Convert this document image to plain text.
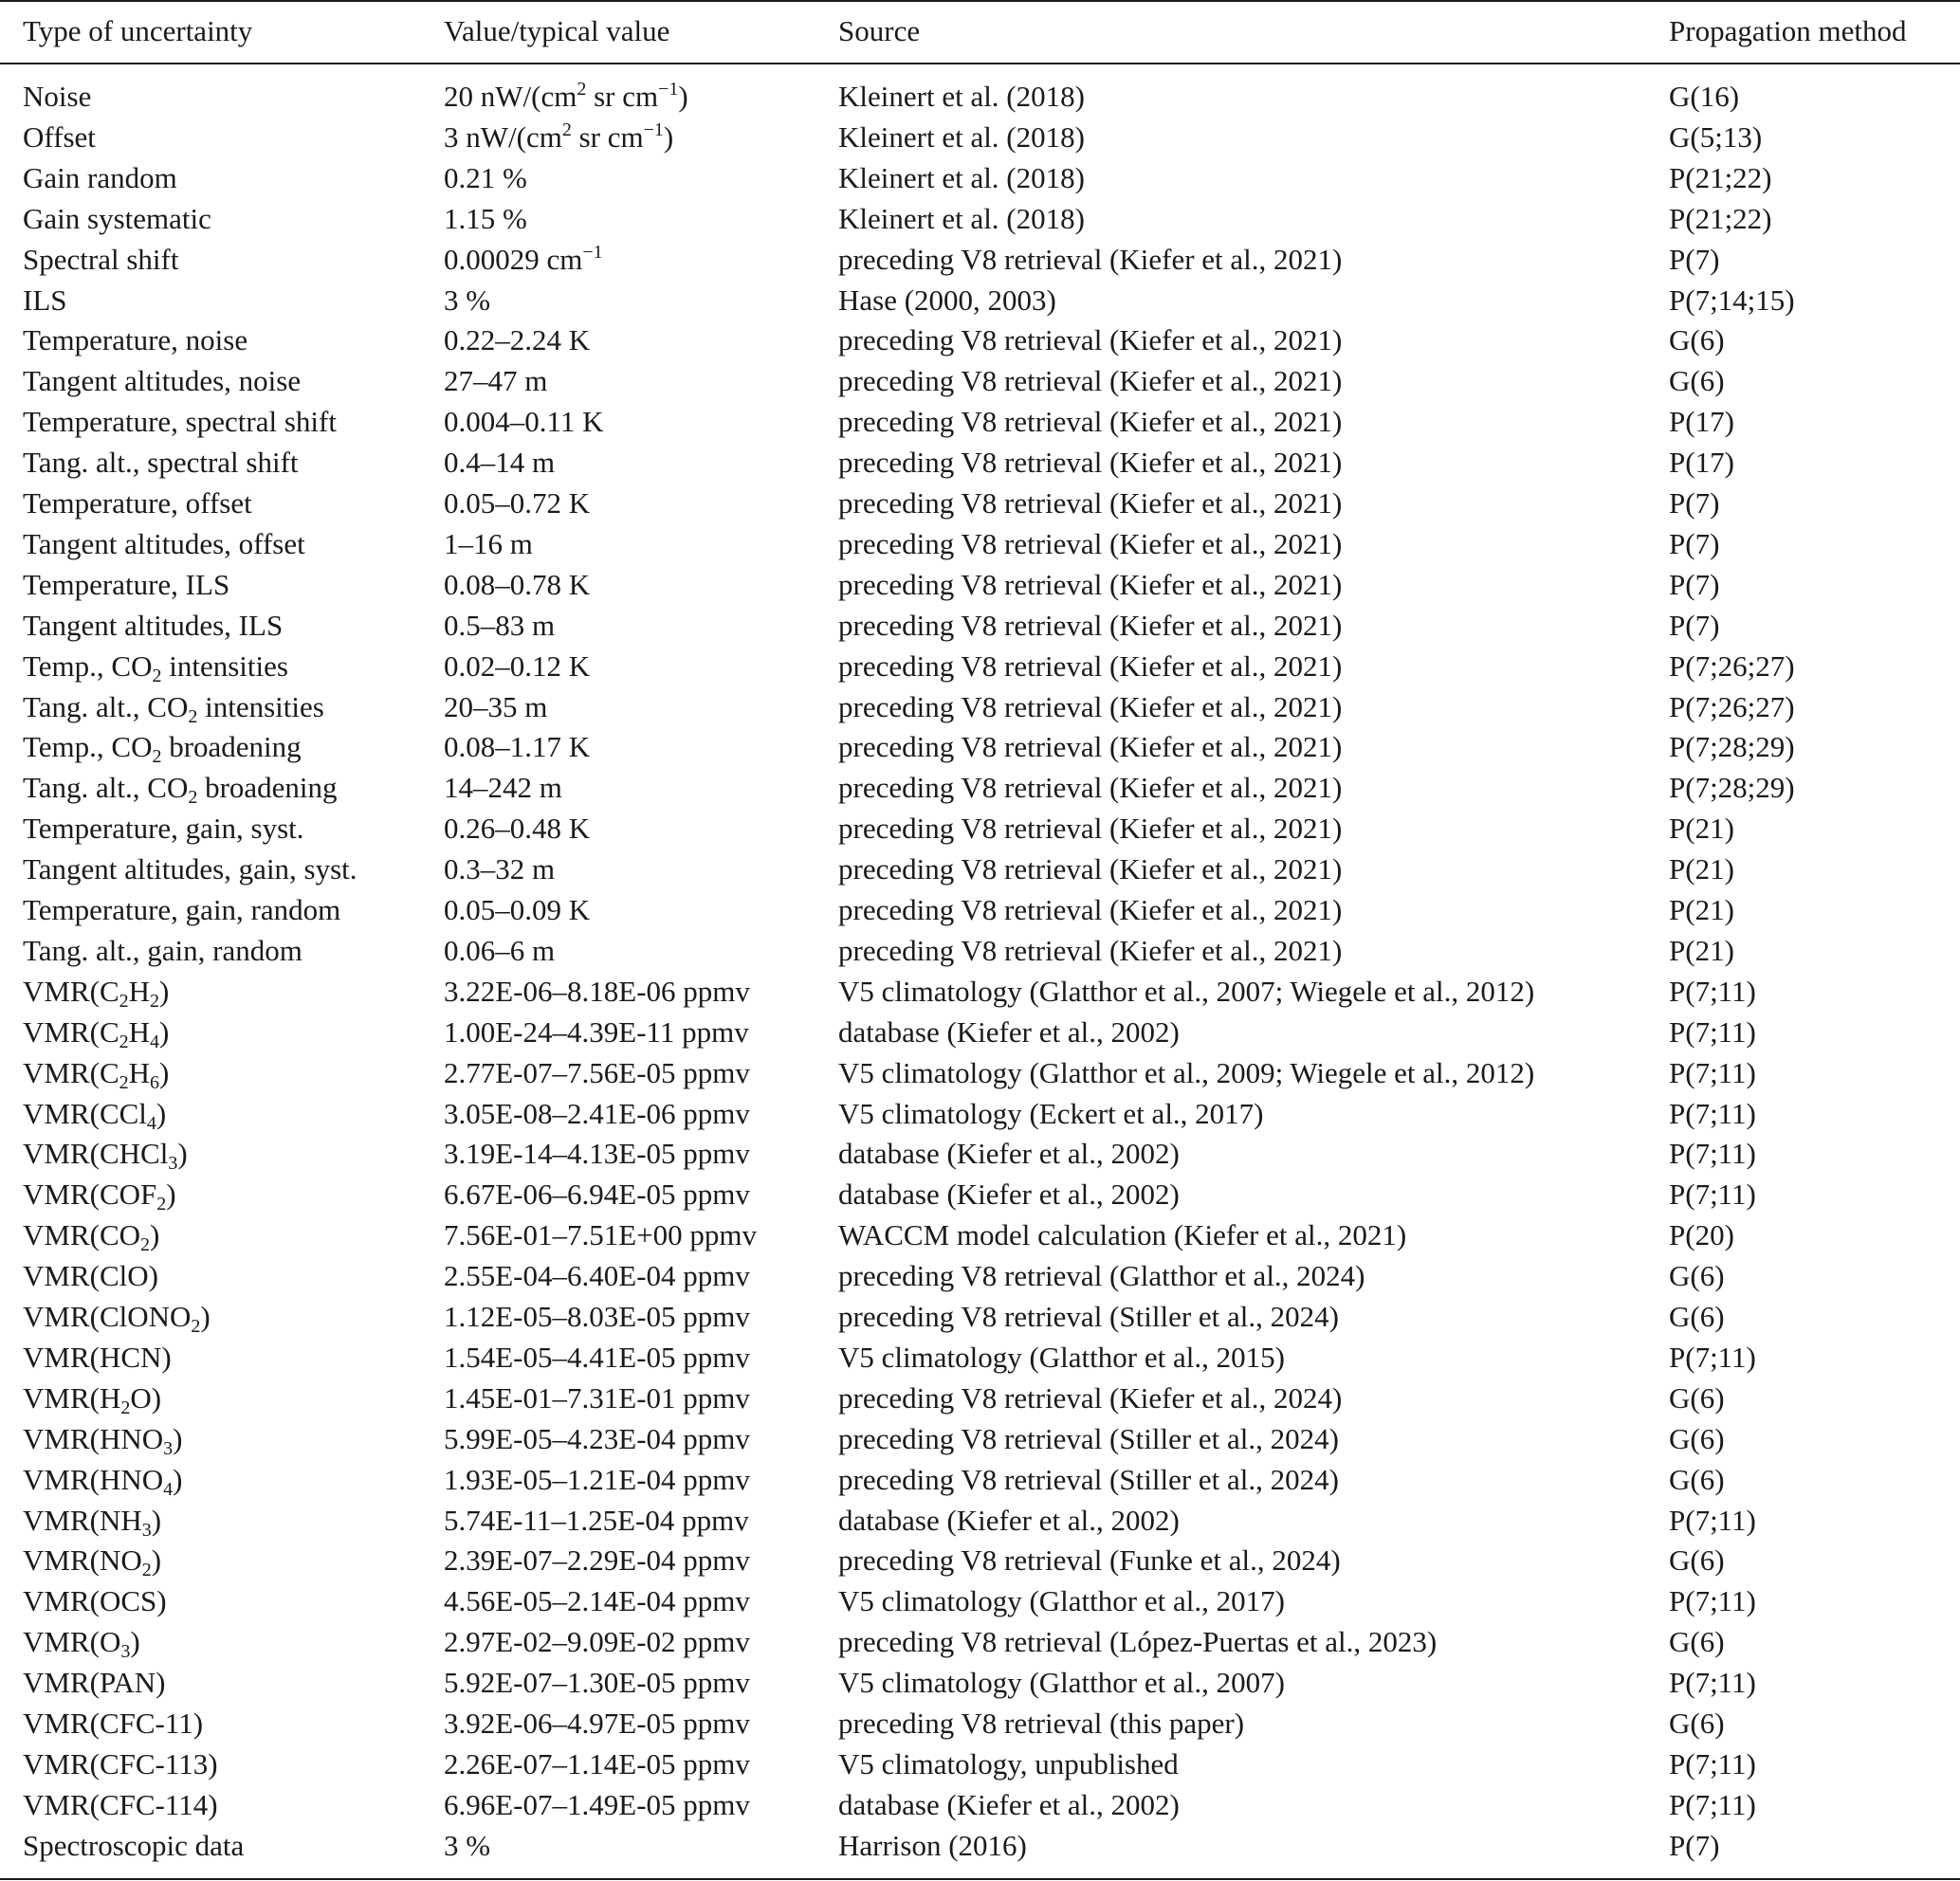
Type of uncertainty	Value/typical value	Source	Propagation method
Noise	20 $nW/(cm^2$ sr $cm^{-1}$)	Kleinert et al. (2018)	G(16)
Offset	3 $nW/(cm^2$ sr $cm^{-1}$)	Kleinert et al. (2018)	G(5;13)
Gain random	0.21 %	Kleinert et al. (2018)	P(21;22)
Gain systematic	1.15 %	Kleinert et al. (2018)	P(21;22)
Spectral shift	0.00029 $cm^{-1}$	preceding V8 retrieval (Kiefer et al., 2021)	P(7)
ILS	3 %	Hase (2000, 2003)	P(7;14;15)
Temperature, noise	0.22–2.24 K	preceding V8 retrieval (Kiefer et al., 2021)	G(6)
Tangent altitudes, noise	27–47 m	preceding V8 retrieval (Kiefer et al., 2021)	G(6)
Temperature, spectral shift	0.004–0.11 K	preceding V8 retrieval (Kiefer et al., 2021)	P(17)
Tang. alt., spectral shift	0.4–14 m	preceding V8 retrieval (Kiefer et al., 2021)	P(17)
Temperature, offset	0.05–0.72 K	preceding V8 retrieval (Kiefer et al., 2021)	P(7)
Tangent altitudes, offset	1–16 m	preceding V8 retrieval (Kiefer et al., 2021)	P(7)
Temperature, ILS	0.08–0.78 K	preceding V8 retrieval (Kiefer et al., 2021)	P(7)
Tangent altitudes, ILS	0.5–83 m	preceding V8 retrieval (Kiefer et al., 2021)	P(7)
Temp., $CO_2$ intensities	0.02–0.12 K	preceding V8 retrieval (Kiefer et al., 2021)	P(7;26;27)
Tang. alt., $CO_2$ intensities	20–35 m	preceding V8 retrieval (Kiefer et al., 2021)	P(7;26;27)
Temp., $CO_2$ broadening	0.08–1.17 K	preceding V8 retrieval (Kiefer et al., 2021)	P(7;28;29)
Tang. alt., $CO_2$ broadening	14–242 m	preceding V8 retrieval (Kiefer et al., 2021)	P(7;28;29)
Temperature, gain, syst.	0.26–0.48 K	preceding V8 retrieval (Kiefer et al., 2021)	P(21)
Tangent altitudes, gain, syst.	0.3–32 m	preceding V8 retrieval (Kiefer et al., 2021)	P(21)
Temperature, gain, random	0.05–0.09 K	preceding V8 retrieval (Kiefer et al., 2021)	P(21)
Tang. alt., gain, random	0.06–6 m	preceding V8 retrieval (Kiefer et al., 2021)	P(21)
$VMR(C_2H_2)$	3.22E-06–8.18E-06 ppmv	V5 climatology (Glatthor et al., 2007; Wiegele et al., 2012)	P(7;11)
$VMR(C_2H_4)$	1.00E-24–4.39E-11 ppmv	database (Kiefer et al., 2002)	P(7;11)
$VMR(C_2H_6)$	2.77E-07–7.56E-05 ppmv	V5 climatology (Glatthor et al., 2009; Wiegele et al., 2012)	P(7;11)
VMR(CCl$_4$)	3.05E-08–2.41E-06 ppmv	V5 climatology (Eckert et al., 2017)	P(7;11)
VMR(CHCl$_3$)	3.19E-14–4.13E-05 ppmv	database (Kiefer et al., 2002)	P(7;11)
$VMR(COF_2)$	6.67E-06–6.94E-05 ppmv	database (Kiefer et al., 2002)	P(7;11)
$VMR(CO_2)$	7.56E-01–7.51E+00 ppmv	WACCM model calculation (Kiefer et al., 2021)	P(20)
VMR(ClO)	2.55E-04–6.40E-04 ppmv	preceding V8 retrieval (Glatthor et al., 2024)	G(6)
VMR(ClONO$_2$)	1.12E-05–8.03E-05 ppmv	preceding V8 retrieval (Stiller et al., 2024)	G(6)
VMR(HCN)	1.54E-05–4.41E-05 ppmv	V5 climatology (Glatthor et al., 2015)	P(7;11)
$VMR(H_2O)$	1.45E-01–7.31E-01 ppmv	preceding V8 retrieval (Kiefer et al., 2024)	G(6)
$VMR(HNO_3)$	5.99E-05–4.23E-04 ppmv	preceding V8 retrieval (Stiller et al., 2024)	G(6)
$VMR(HNO_4)$	1.93E-05–1.21E-04 ppmv	preceding V8 retrieval (Stiller et al., 2024)	G(6)
$VMR(NH_3)$	5.74E-11–1.25E-04 ppmv	database (Kiefer et al., 2002)	P(7;11)
$VMR(NO_2)$	2.39E-07–2.29E-04 ppmv	preceding V8 retrieval (Funke et al., 2024)	G(6)
VMR(OCS)	4.56E-05–2.14E-04 ppmv	V5 climatology (Glatthor et al., 2017)	P(7;11)
$VMR(O_3)$	2.97E-02–9.09E-02 ppmv	preceding V8 retrieval (López-Puertas et al., 2023)	G(6)
VMR(PAN)	5.92E-07–1.30E-05 ppmv	V5 climatology (Glatthor et al., 2007)	P(7;11)
VMR(CFC-11)	3.92E-06–4.97E-05 ppmv	preceding V8 retrieval (this paper)	G(6)
VMR(CFC-113)	2.26E-07–1.14E-05 ppmv	V5 climatology, unpublished	P(7;11)
VMR(CFC-114)	6.96E-07–1.49E-05 ppmv	database (Kiefer et al., 2002)	P(7;11)
Spectroscopic data	3 %	Harrison (2016)	P(7)
